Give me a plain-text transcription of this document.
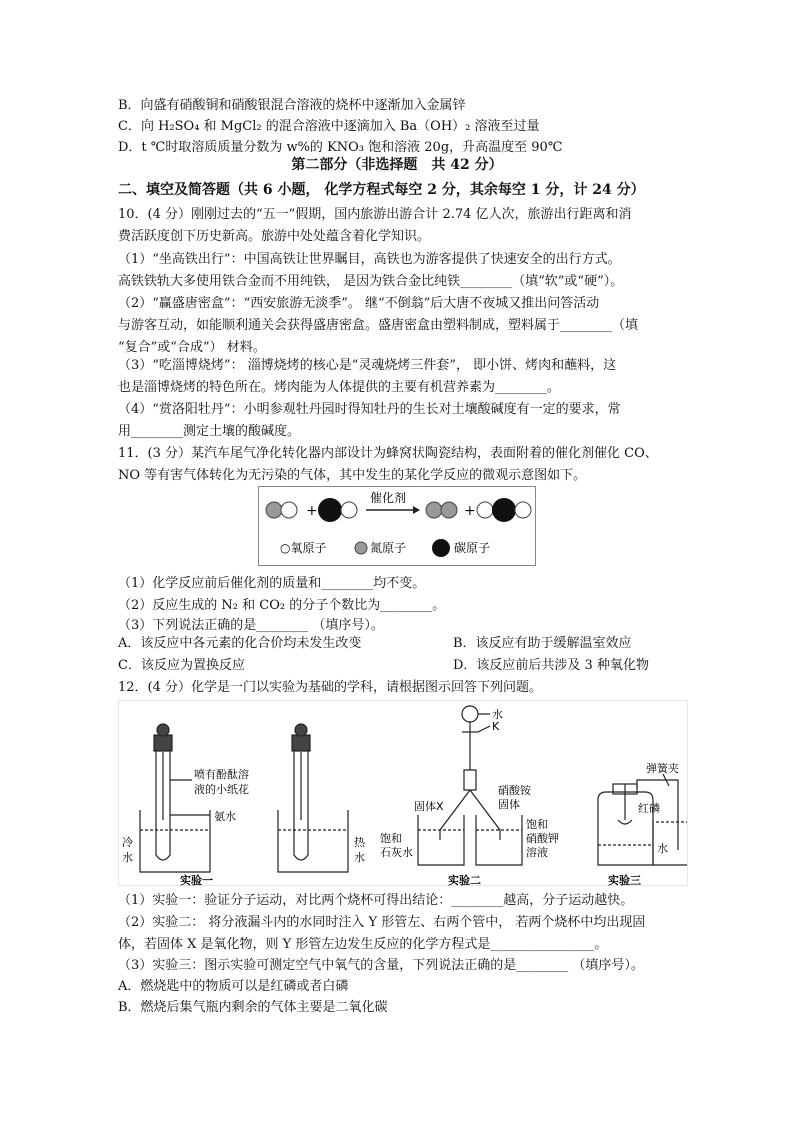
B．向盛有硝酸铜和硝酸银混合溶液的烧杯中逐渐加入金属锌
C．向 H₂SO₄ 和 MgCl₂ 的混合溶液中逐滴加入 Ba（OH）₂ 溶液至过量
D．t ℃时取溶质质量分数为 w%的 KNO₃ 饱和溶液 20g，升高温度至 90℃
第二部分（非选择题　共 42 分）
二、填空及简答题（共 6 小题， 化学方程式每空 2 分，其余每空 1 分，计 24 分）
10．(4 分）刚刚过去的“五一”假期，国内旅游出游合计 2.74 亿人次，旅游出行距离和消
费活跃度创下历史新高。旅游中处处蕴含着化学知识。
（1）“坐高铁出行”：中国高铁让世界瞩目，高铁也为游客提供了快速安全的出行方式。
高铁铁轨大多使用铁合金而不用纯铁， 是因为铁合金比纯铁________（填“软”或“硬”）。
（2）“赢盛唐密盒”：“西安旅游无淡季”。 继“不倒翁”后大唐不夜城又推出问答活动
与游客互动，如能顺利通关会获得盛唐密盒。盛唐密盒由塑料制成，塑料属于________（填
“复合”或“合成”） 材料。
（3）“吃淄博烧烤”： 淄博烧烤的核心是“灵魂烧烤三件套”， 即小饼、烤肉和蘸料，这
也是淄博烧烤的特色所在。烤肉能为人体提供的主要有机营养素为________。
（4）“赏洛阳牡丹”：小明参观牡丹园时得知牡丹的生长对土壤酸碱度有一定的要求，常
用________测定土壤的酸碱度。
11．(3 分）某汽车尾气净化转化器内部设计为蜂窝状陶瓷结构，表面附着的催化剂催化 CO、
NO 等有害气体转化为无污染的气体，其中发生的某化学反应的微观示意图如下。
+
催化剂
+
○氧原子	氮原子	碳原子
（1）化学反应前后催化剂的质量和________均不变。
（2）反应生成的 N₂ 和 CO₂ 的分子个数比为________。
（3）下列说法正确的是________ （填序号）。
A．该反应中各元素的化合价均未发生改变	B．该反应有助于缓解温室效应
C．该反应为置换反应	D．该反应前后共涉及 3 种氧化物
12．(4 分）化学是一门以实验为基础的学科，请根据图示回答下列问题。
喷有酚酞溶
液的小纸花
氨水
冷
水
热
水
实验一
水
K
固体X
硝酸铵
固体
饱和
石灰水
饱和
硝酸钾
溶液
实验二
弹簧夹
红磷
水
实验三
（1）实验一：验证分子运动，对比两个烧杯可得出结论：________越高，分子运动越快。
（2）实验二： 将分液漏斗内的水同时注入 Y 形管左、右两个管中， 若两个烧杯中均出现固
体，若固体 X 是氧化物，则 Y 形管左边发生反应的化学方程式是________________。
（3）实验三：图示实验可测定空气中氧气的含量，下列说法正确的是________ （填序号）。
A．燃烧匙中的物质可以是红磷或者白磷
B．燃烧后集气瓶内剩余的气体主要是二氧化碳
